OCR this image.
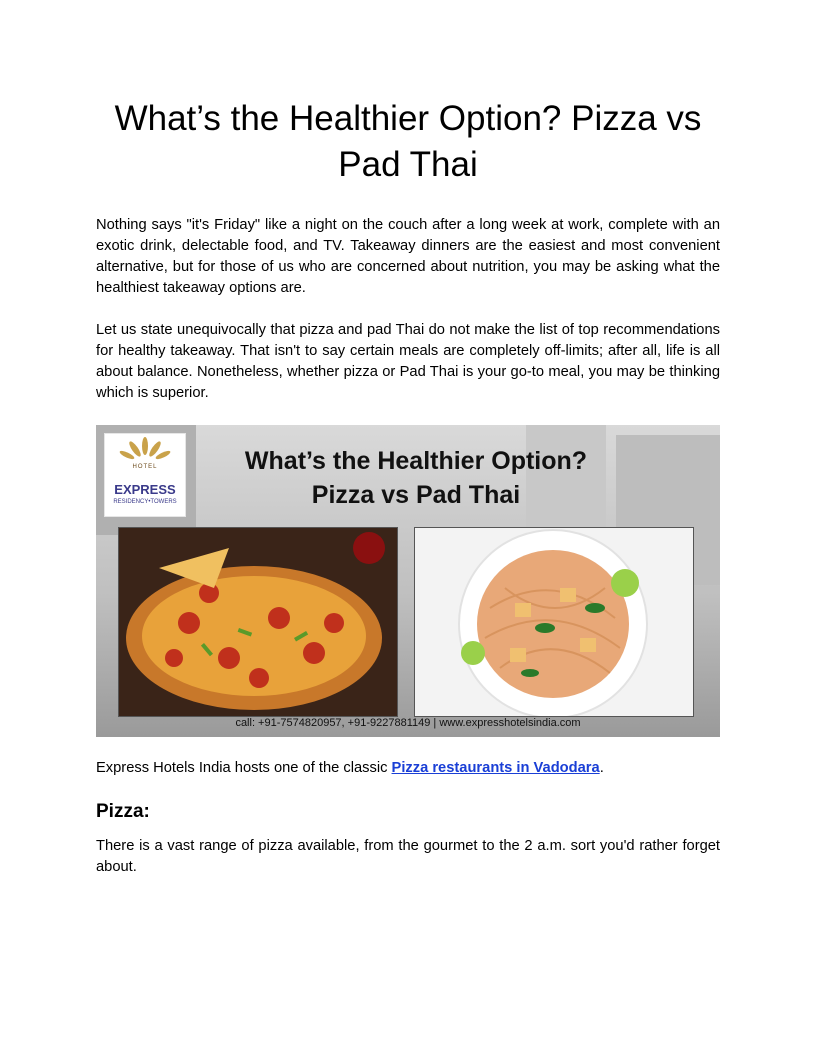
What’s the Healthier Option? Pizza vs Pad Thai

Nothing says "it's Friday" like a night on the couch after a long week at work, complete with an exotic drink, delectable food, and TV. Takeaway dinners are the easiest and most convenient alternative, but for those of us who are concerned about nutrition, you may be asking what the healthiest takeaway options are.

Let us state unequivocally that pizza and pad Thai do not make the list of top recommendations for healthy takeaway. That isn't to say certain meals are completely off-limits; after all, life is all about balance. Nonetheless, whether pizza or Pad Thai is your go-to meal, you may be thinking which is superior.

HOTEL
EXPRESS
RESIDENCY•TOWERS
What’s the Healthier Option?
Pizza vs Pad Thai
call: +91-7574820957, +91-9227881149 | www.expresshotelsindia.com

Express Hotels India hosts one of the classic Pizza restaurants in Vadodara.

Pizza:

There is a vast range of pizza available, from the gourmet to the 2 a.m. sort you'd rather forget about.
